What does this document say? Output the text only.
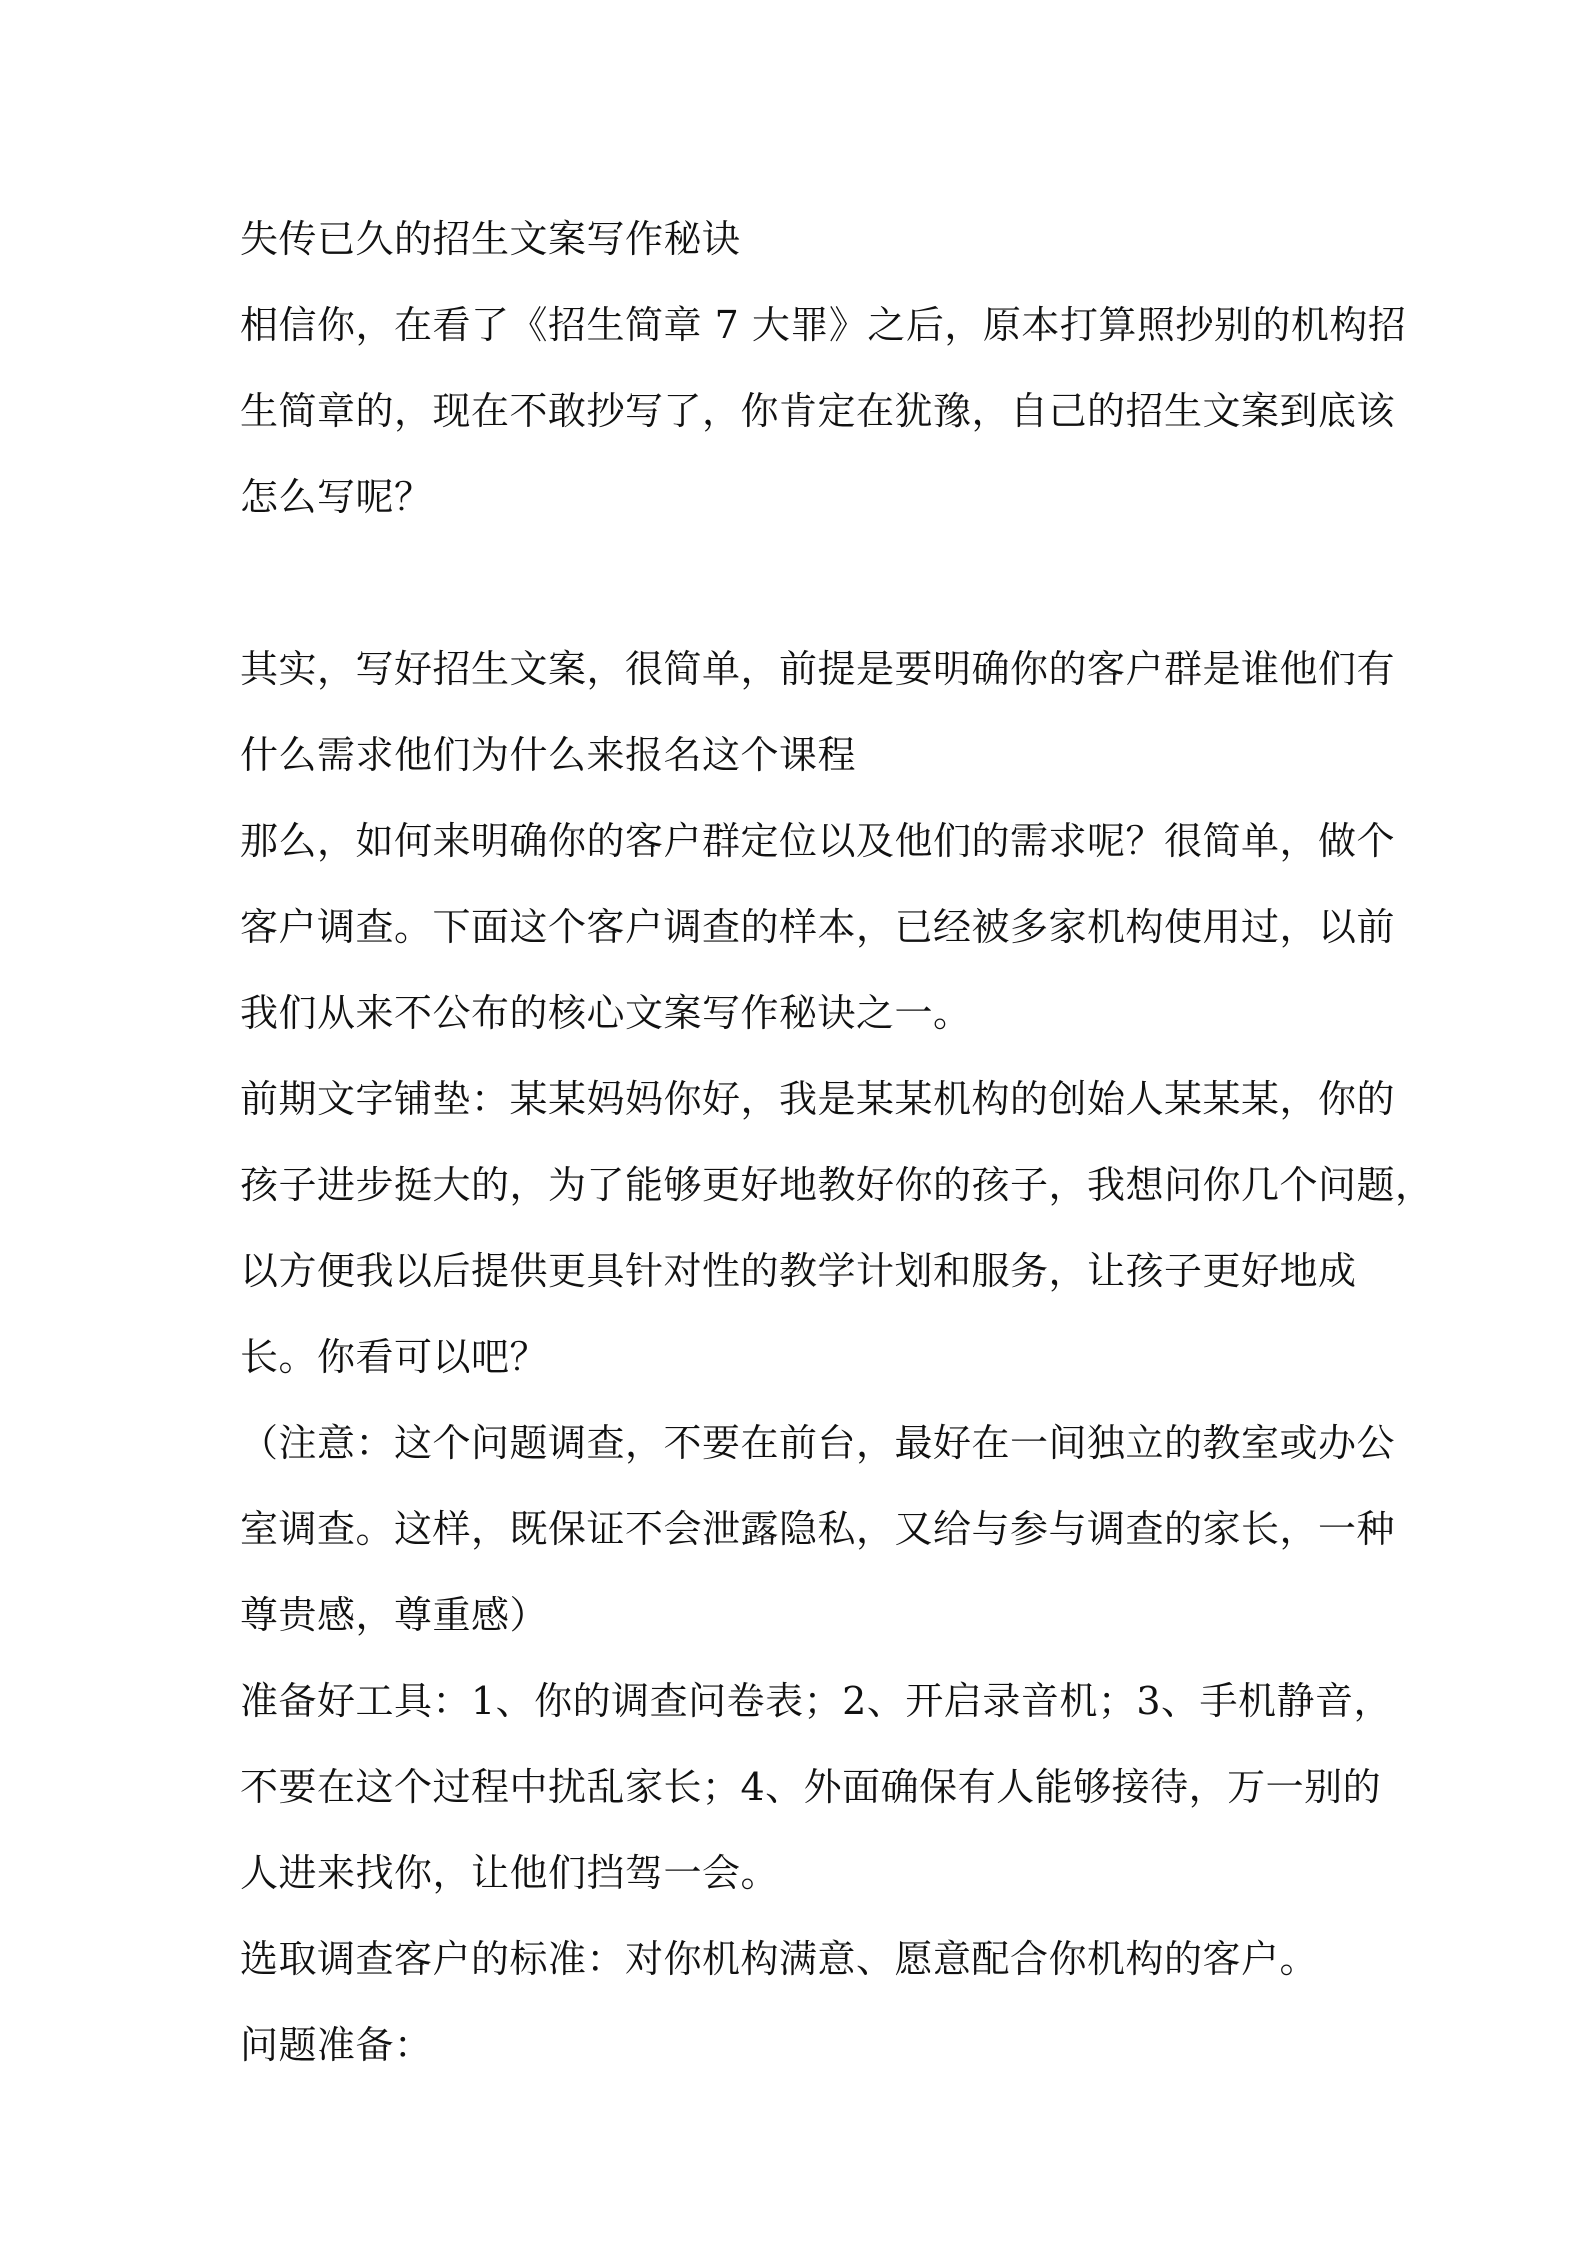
失传已久的招生文案写作秘诀
相信你，在看了《招生简章 7 大罪》之后，原本打算照抄别的机构招
生简章的，现在不敢抄写了，你肯定在犹豫，自己的招生文案到底该
怎么写呢？
其实，写好招生文案，很简单，前提是要明确你的客户群是谁他们有
什么需求他们为什么来报名这个课程
那么，如何来明确你的客户群定位以及他们的需求呢？很简单，做个
客户调查。下面这个客户调查的样本，已经被多家机构使用过，以前
我们从来不公布的核心文案写作秘诀之一。
前期文字铺垫：某某妈妈你好，我是某某机构的创始人某某某，你的
孩子进步挺大的，为了能够更好地教好你的孩子，我想问你几个问题，
以方便我以后提供更具针对性的教学计划和服务，让孩子更好地成
长。你看可以吧？
（注意：这个问题调查，不要在前台，最好在一间独立的教室或办公
室调查。这样，既保证不会泄露隐私，又给与参与调查的家长，一种
尊贵感，尊重感）
准备好工具：1、你的调查问卷表；2、开启录音机；3、手机静音，
不要在这个过程中扰乱家长；4、外面确保有人能够接待，万一别的
人进来找你，让他们挡驾一会。
选取调查客户的标准：对你机构满意、愿意配合你机构的客户。
问题准备：
